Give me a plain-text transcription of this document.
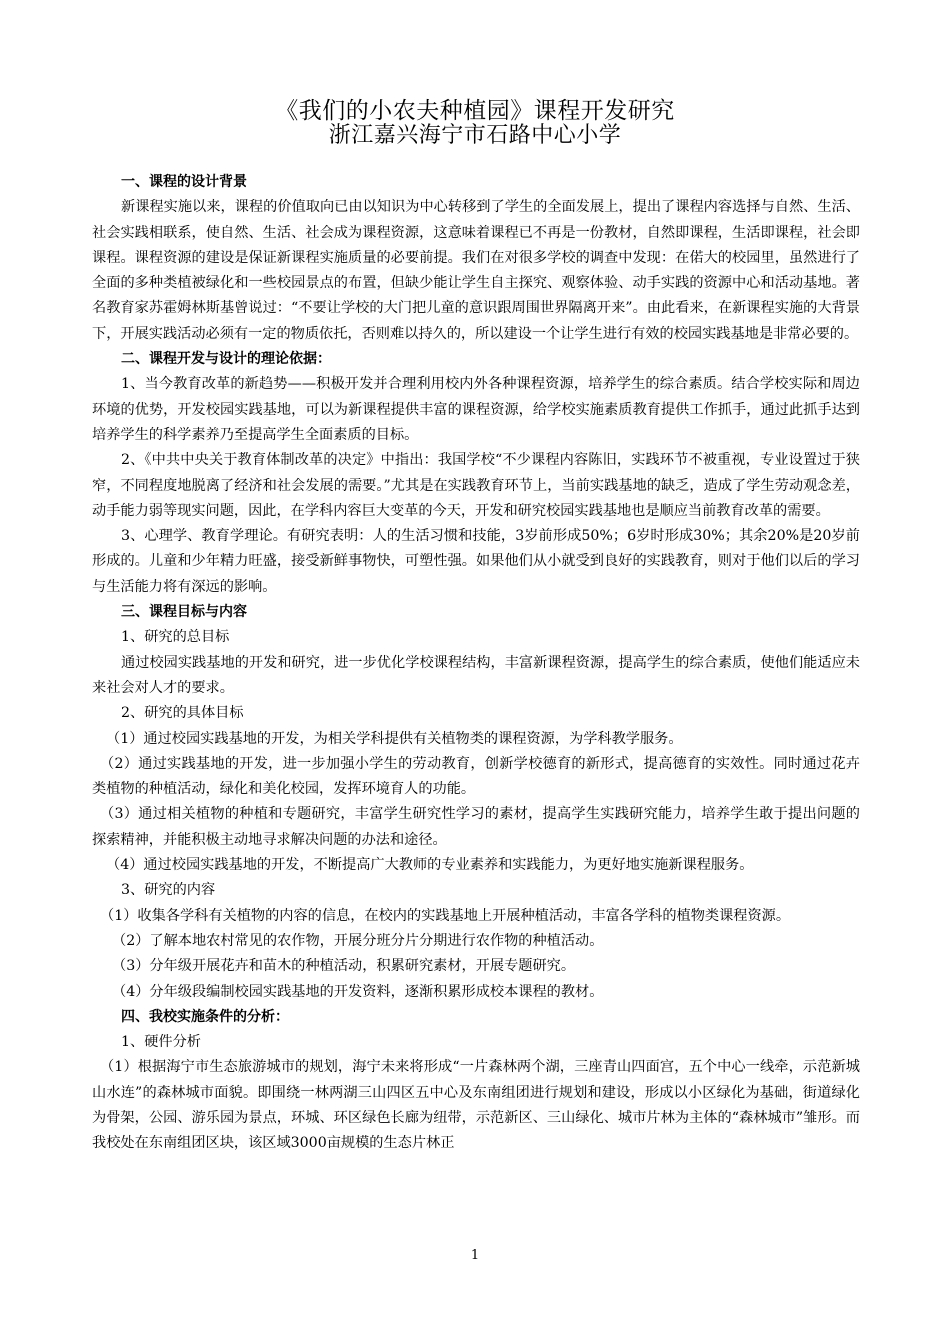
《我们的小农夫种植园》课程开发研究
浙江嘉兴海宁市石路中心小学

一、课程的设计背景

新课程实施以来，课程的价值取向已由以知识为中心转移到了学生的全面发展上，提出了课程内容选择与自然、生活、社会实践相联系，使自然、生活、社会成为课程资源，这意味着课程已不再是一份教材，自然即课程，生活即课程，社会即课程。课程资源的建设是保证新课程实施质量的必要前提。我们在对很多学校的调查中发现：在偌大的校园里，虽然进行了全面的多种类植被绿化和一些校园景点的布置，但缺少能让学生自主探究、观察体验、动手实践的资源中心和活动基地。著名教育家苏霍姆林斯基曾说过：“不要让学校的大门把儿童的意识跟周围世界隔离开来”。由此看来，在新课程实施的大背景下，开展实践活动必须有一定的物质依托，否则难以持久的，所以建设一个让学生进行有效的校园实践基地是非常必要的。

二、课程开发与设计的理论依据：

1、当今教育改革的新趋势——积极开发并合理利用校内外各种课程资源，培养学生的综合素质。结合学校实际和周边环境的优势，开发校园实践基地，可以为新课程提供丰富的课程资源，给学校实施素质教育提供工作抓手，通过此抓手达到培养学生的科学素养乃至提高学生全面素质的目标。

2、《中共中央关于教育体制改革的决定》中指出：我国学校“不少课程内容陈旧，实践环节不被重视，专业设置过于狭窄，不同程度地脱离了经济和社会发展的需要。”尤其是在实践教育环节上，当前实践基地的缺乏，造成了学生劳动观念差，动手能力弱等现实问题，因此，在学科内容巨大变革的今天，开发和研究校园实践基地也是顺应当前教育改革的需要。

3、心理学、教育学理论。有研究表明：人的生活习惯和技能，3岁前形成50%；6岁时形成30%；其余20%是20岁前形成的。儿童和少年精力旺盛，接受新鲜事物快，可塑性强。如果他们从小就受到良好的实践教育，则对于他们以后的学习与生活能力将有深远的影响。

三、课程目标与内容

1、研究的总目标

通过校园实践基地的开发和研究，进一步优化学校课程结构，丰富新课程资源，提高学生的综合素质，使他们能适应未来社会对人才的要求。

2、研究的具体目标

（1）通过校园实践基地的开发，为相关学科提供有关植物类的课程资源，为学科教学服务。

（2）通过实践基地的开发，进一步加强小学生的劳动教育，创新学校德育的新形式，提高德育的实效性。同时通过花卉类植物的种植活动，绿化和美化校园，发挥环境育人的功能。

（3）通过相关植物的种植和专题研究，丰富学生研究性学习的素材，提高学生实践研究能力，培养学生敢于提出问题的探索精神，并能积极主动地寻求解决问题的办法和途径。

（4）通过校园实践基地的开发，不断提高广大教师的专业素养和实践能力，为更好地实施新课程服务。

3、研究的内容

（1）收集各学科有关植物的内容的信息，在校内的实践基地上开展种植活动，丰富各学科的植物类课程资源。

（2）了解本地农村常见的农作物，开展分班分片分期进行农作物的种植活动。

（3）分年级开展花卉和苗木的种植活动，积累研究素材，开展专题研究。

（4）分年级段编制校园实践基地的开发资料，逐渐积累形成校本课程的教材。

四、我校实施条件的分析：

1、硬件分析

（1）根据海宁市生态旅游城市的规划，海宁未来将形成“一片森林两个湖，三座青山四面宫，五个中心一线牵，示范新城山水连”的森林城市面貌。即围绕一林两湖三山四区五中心及东南组团进行规划和建设，形成以小区绿化为基础，街道绿化为骨架，公园、游乐园为景点，环城、环区绿色长廊为纽带，示范新区、三山绿化、城市片林为主体的“森林城市”雏形。而我校处在东南组团区块，该区域3000亩规模的生态片林正

1
